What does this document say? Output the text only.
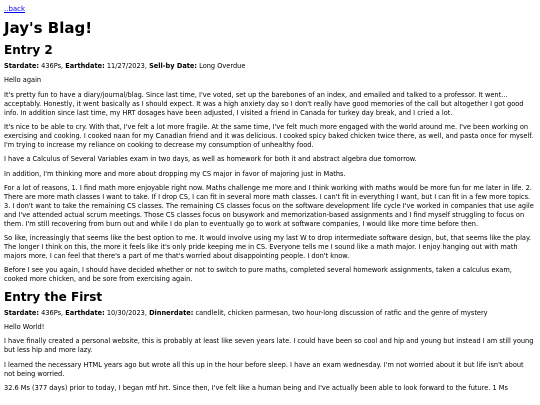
..back
Jay's Blag!
Entry 2

Stardate: 436Ps, Earthdate: 11/27/2023, Sell-by Date: Long Overdue

Hello again

It's pretty fun to have a diary/journal/blag. Since last time, I've voted, set up the barebones of an index, and emailed and talked to a professor. It went... acceptably. Honestly, it went basically as I should expect. It was a high anxiety day so I don't really have good memories of the call but altogether I got good info. In addition since last time, my HRT dosages have been adjusted, I visited a friend in Canada for turkey day break, and I cried a lot.

It's nice to be able to cry. With that, I've felt a lot more fragile. At the same time, I've felt much more engaged with the world around me. I've been working on exercising and cooking. I cooked naan for my Canadian friend and it was delicious. I cooked spicy baked chicken twice there, as well, and pasta once for myself. I'm trying to increase my reliance on cooking to decrease my consumption of unhealthy food.

I have a Calculus of Several Variables exam in two days, as well as homework for both it and abstract algebra due tomorrow.

In addition, I'm thinking more and more about dropping my CS major in favor of majoring just in Maths.

For a lot of reasons, 1. I find math more enjoyable right now. Maths challenge me more and I think working with maths would be more fun for me later in life. 2. There are more math classes I want to take. If I drop CS, I can fit in several more math classes. I can't fit in everything I want, but I can fit in a few more topics. 3. I don't want to take the remaining CS classes. The remaining CS classes focus on the software development life cycle I've worked in companies that use agile and I've attended actual scrum meetings. Those CS classes focus on busywork and memorization-based assignments and I find myself struggling to focus on them. I'm still recovering from burn out and while I do plan to eventually go to work at software companies, I would like more time before then.

So like, increasingly that seems like the best option to me. It would involve using my last W to drop intermediate software design, but, that seems like the play. The longer I think on this, the more it feels like it's only pride keeping me in CS. Everyone tells me I sound like a math major. I enjoy hanging out with math majors more. I can feel that there's a part of me that's worried about disappointing people. I don't know.

Before I see you again, I should have decided whether or not to switch to pure maths, completed several homework assignments, taken a calculus exam, cooked more chicken, and be sore from exercising again.

Entry the First

Stardate: 436Ps, Earthdate: 10/30/2023, Dinnerdate: candlelit, chicken parmesan, two hour-long discussion of ratfic and the genre of mystery

Hello World!

I have finally created a personal website, this is probably at least like seven years late. I could have been so cool and hip and young but instead I am still young but less hip and more lazy.

I learned the necessary HTML years ago but wrote all this up in the hour before sleep. I have an exam wednesday. I'm not worried about it but life isn't about not being worried.

32.6 Ms (377 days) prior to today, I began mtf hrt. Since then, I've felt like a human being and I've actually been able to look forward to the future. 1 Ms
